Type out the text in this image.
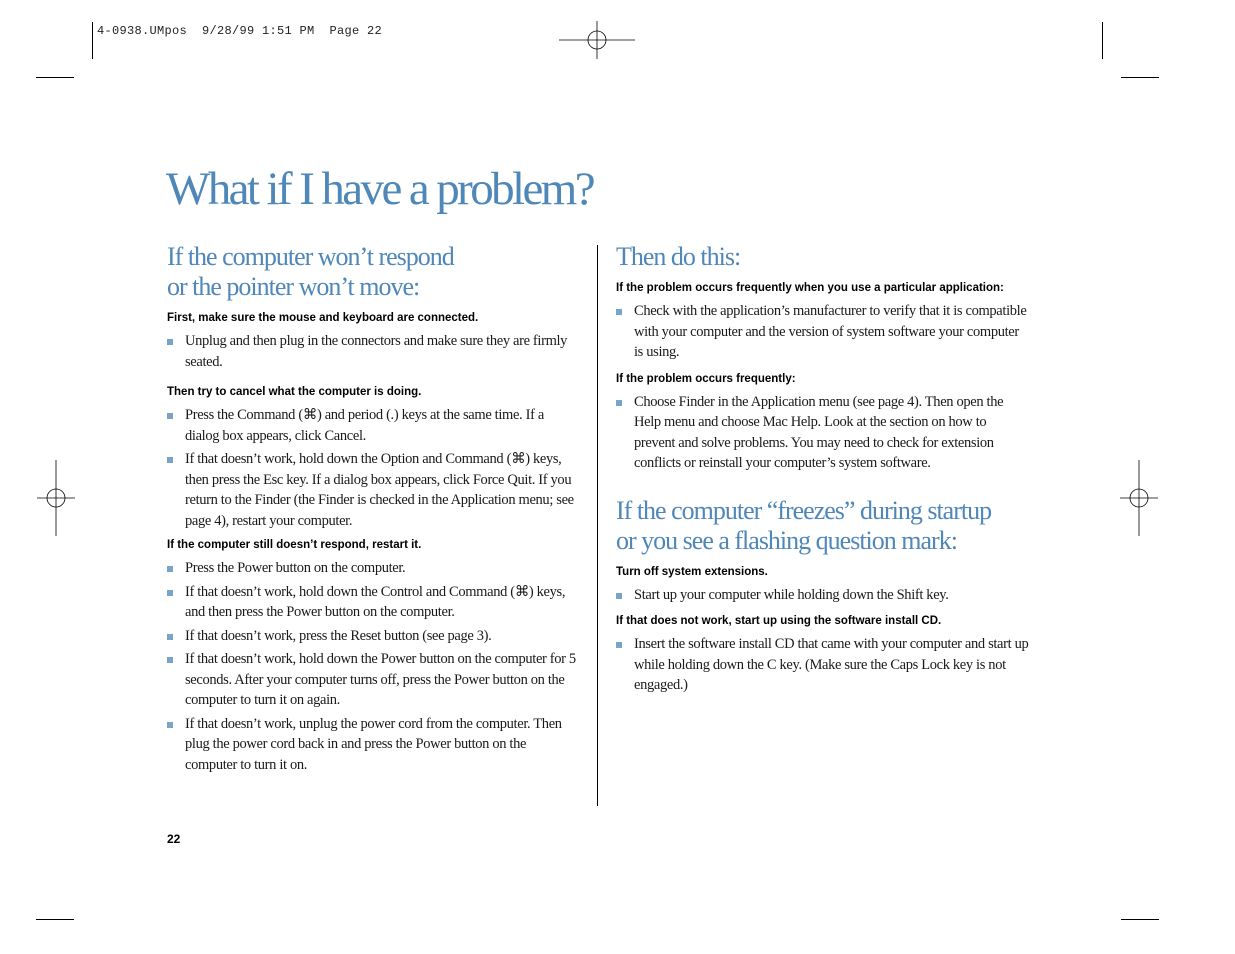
4-0938.UMpos  9/28/99 1:51 PM  Page 22
What if I have a problem?
If the computer won’t respond
or the pointer won’t move:
First, make sure the mouse and keyboard are connected.
Unplug and then plug in the connectors and make sure they are firmly seated.
Then try to cancel what the computer is doing.
Press the Command (⌘) and period (.) keys at the same time. If a dialog box appears, click Cancel.
If that doesn’t work, hold down the Option and Command (⌘) keys, then press the Esc key. If a dialog box appears, click Force Quit. If you return to the Finder (the Finder is checked in the Application menu; see page 4), restart your computer.
If the computer still doesn’t respond, restart it.
Press the Power button on the computer.
If that doesn’t work, hold down the Control and Command (⌘) keys, and then press the Power button on the computer.
If that doesn’t work, press the Reset button (see page 3).
If that doesn’t work, hold down the Power button on the computer for 5 seconds. After your computer turns off, press the Power button on the computer to turn it on again.
If that doesn’t work, unplug the power cord from the computer. Then plug the power cord back in and press the Power button on the computer to turn it on.
Then do this:
If the problem occurs frequently when you use a particular application:
Check with the application’s manufacturer to verify that it is compatible with your computer and the version of system software your computer is using.
If the problem occurs frequently:
Choose Finder in the Application menu (see page 4). Then open the Help menu and choose Mac Help. Look at the section on how to prevent and solve problems. You may need to check for extension conflicts or reinstall your computer’s system software.
If the computer “freezes” during startup
or you see a flashing question mark:
Turn off system extensions.
Start up your computer while holding down the Shift key.
If that does not work, start up using the software install CD.
Insert the software install CD that came with your computer and start up while holding down the C key. (Make sure the Caps Lock key is not engaged.)
22
